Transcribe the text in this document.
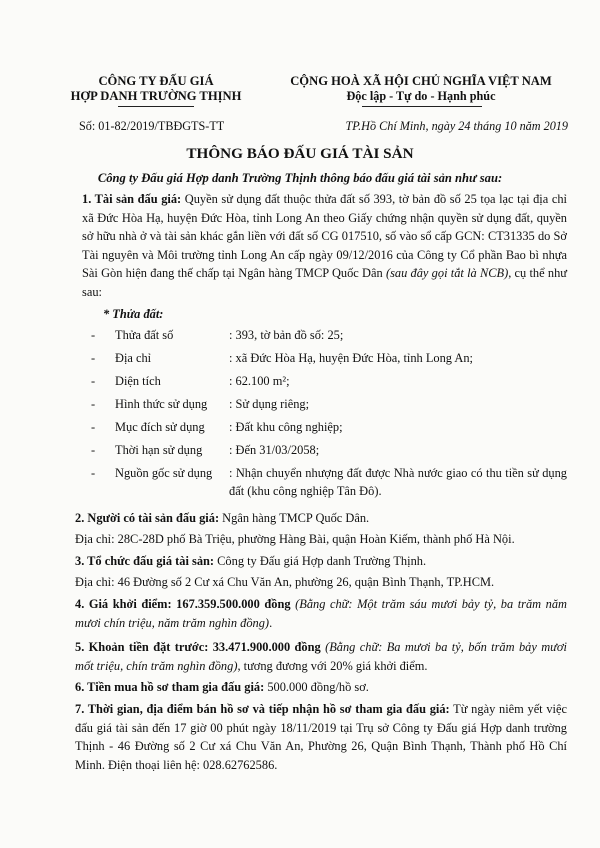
CÔNG TY ĐẤU GIÁ
HỢP DANH TRƯỜNG THỊNH
CỘNG HOÀ XÃ HỘI CHỦ NGHĨA VIỆT NAM
Độc lập - Tự do - Hạnh phúc
Số: 01-82/2019/TBĐGTS-TT	TP.Hồ Chí Minh, ngày 24 tháng 10 năm 2019
THÔNG BÁO ĐẤU GIÁ TÀI SẢN
Công ty Đấu giá Hợp danh Trường Thịnh thông báo đấu giá tài sản như sau:
1. Tài sản đấu giá: Quyền sử dụng đất thuộc thửa đất số 393, tờ bản đồ số 25 tọa lạc tại địa chỉ xã Đức Hòa Hạ, huyện Đức Hòa, tỉnh Long An theo Giấy chứng nhận quyền sử dụng đất, quyền sở hữu nhà ở và tài sản khác gắn liền với đất số CG 017510, số vào sổ cấp GCN: CT31335 do Sở Tài nguyên và Môi trường tỉnh Long An cấp ngày 09/12/2016 của Công ty Cổ phần Bao bì nhựa Sài Gòn hiện đang thế chấp tại Ngân hàng TMCP Quốc Dân (sau đây gọi tắt là NCB), cụ thể như sau:
* Thửa đất:
-	Thửa đất số	: 393, tờ bản đồ số: 25;
-	Địa chỉ	: xã Đức Hòa Hạ, huyện Đức Hòa, tỉnh Long An;
-	Diện tích	: 62.100 m²;
-	Hình thức sử dụng	: Sử dụng riêng;
-	Mục đích sử dụng	: Đất khu công nghiệp;
-	Thời hạn sử dụng	: Đến 31/03/2058;
-	Nguồn gốc sử dụng	: Nhận chuyển nhượng đất được Nhà nước giao có thu tiền sử dụng đất (khu công nghiệp Tân Đô).
2. Người có tài sản đấu giá: Ngân hàng TMCP Quốc Dân.
Địa chỉ: 28C-28D phố Bà Triệu, phường Hàng Bài, quận Hoàn Kiếm, thành phố Hà Nội.
3. Tổ chức đấu giá tài sản: Công ty Đấu giá Hợp danh Trường Thịnh.
Địa chỉ: 46 Đường số 2 Cư xá Chu Văn An, phường 26, quận Bình Thạnh, TP.HCM.
4. Giá khởi điểm: 167.359.500.000 đồng (Bằng chữ: Một trăm sáu mươi bảy tỷ, ba trăm năm mươi chín triệu, năm trăm nghìn đồng).
5. Khoản tiền đặt trước: 33.471.900.000 đồng (Bằng chữ: Ba mươi ba tỷ, bốn trăm bảy mươi mốt triệu, chín trăm nghìn đồng), tương đương với 20% giá khởi điểm.
6. Tiền mua hồ sơ tham gia đấu giá: 500.000 đồng/hồ sơ.
7. Thời gian, địa điểm bán hồ sơ và tiếp nhận hồ sơ tham gia đấu giá: Từ ngày niêm yết việc đấu giá tài sản đến 17 giờ 00 phút ngày 18/11/2019 tại Trụ sở Công ty Đấu giá Hợp danh trường Thịnh - 46 Đường số 2 Cư xá Chu Văn An, Phường 26, Quận Bình Thạnh, Thành phố Hồ Chí Minh. Điện thoại liên hệ: 028.62762586.
